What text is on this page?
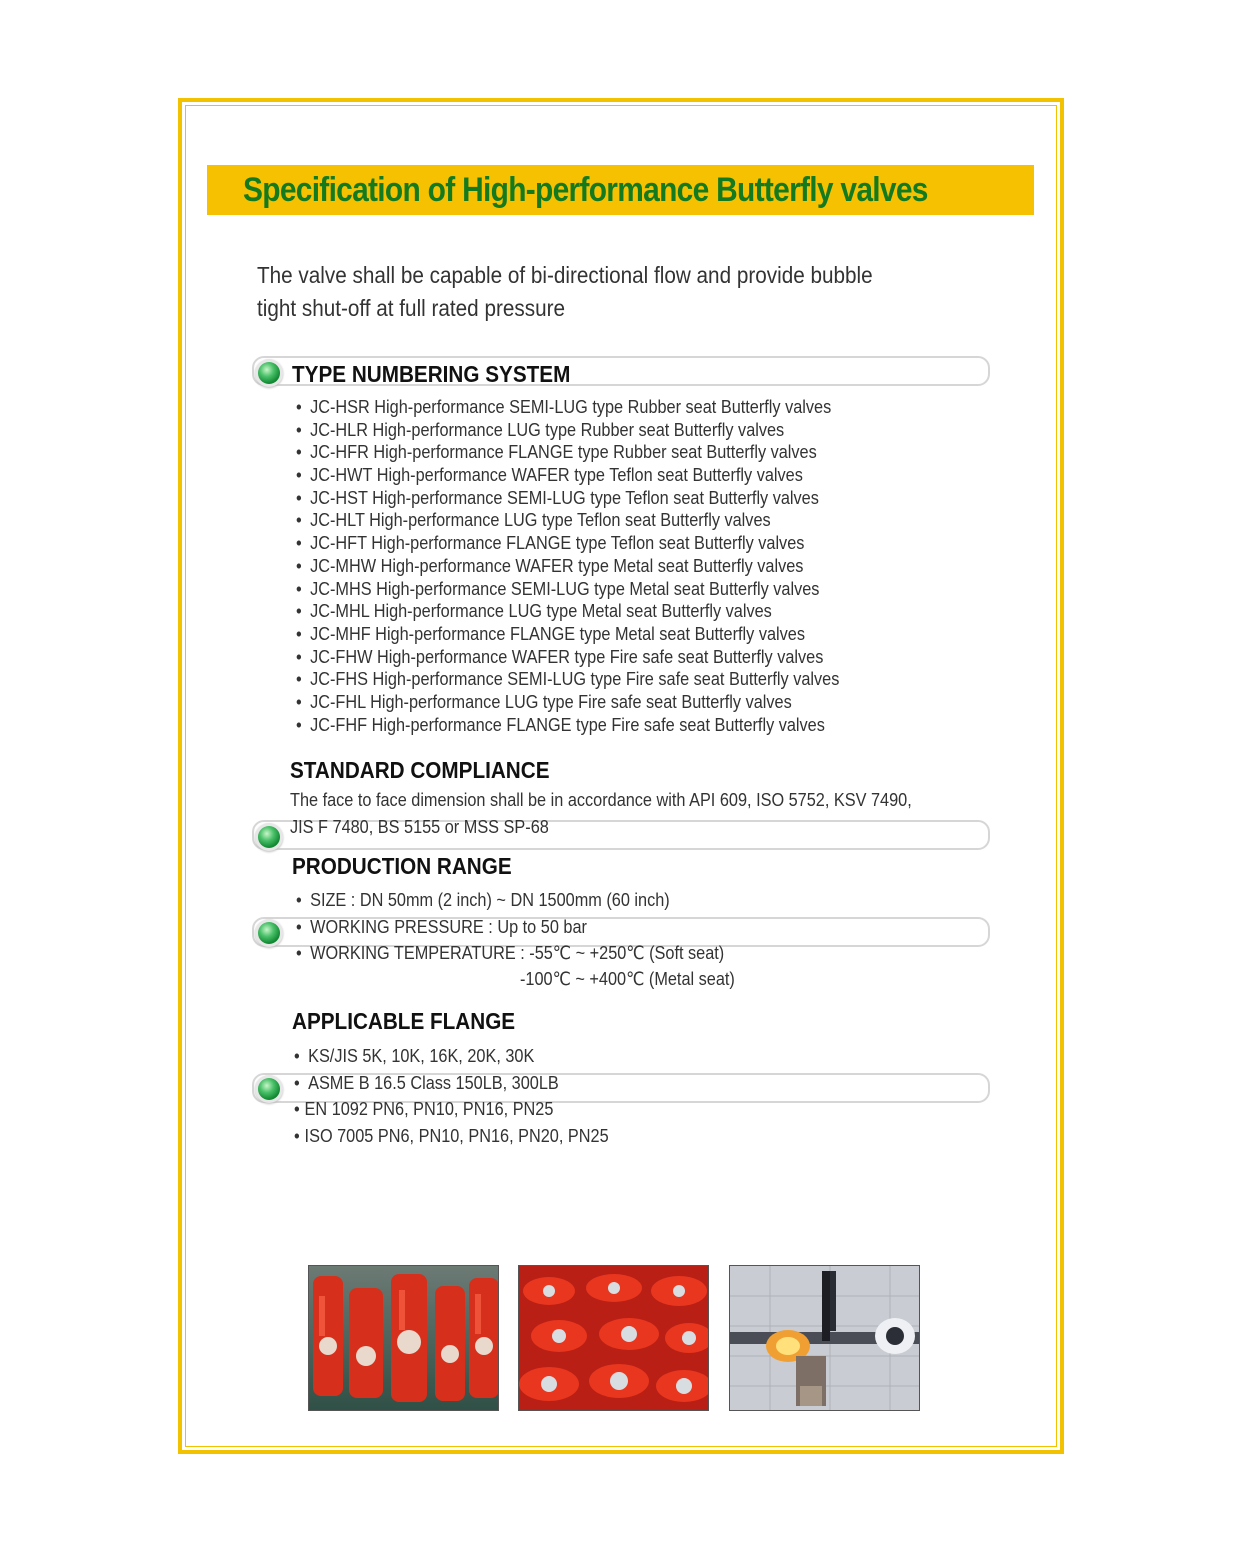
Specification of High-performance Butterfly valves
The valve shall be capable of bi-directional flow and provide bubble tight shut-off at full rated pressure
TYPE NUMBERING SYSTEM
• JC-HSR High-performance SEMI-LUG type Rubber seat Butterfly valves
• JC-HLR High-performance LUG type Rubber seat Butterfly valves
• JC-HFR High-performance FLANGE type Rubber seat Butterfly valves
• JC-HWT High-performance WAFER type Teflon seat Butterfly valves
• JC-HST High-performance SEMI-LUG type Teflon seat Butterfly valves
• JC-HLT High-performance LUG type Teflon seat Butterfly valves
• JC-HFT High-performance FLANGE type Teflon seat Butterfly valves
• JC-MHW High-performance WAFER type Metal seat Butterfly valves
• JC-MHS High-performance SEMI-LUG type Metal seat Butterfly valves
• JC-MHL High-performance LUG type Metal seat Butterfly valves
• JC-MHF High-performance FLANGE type Metal seat Butterfly valves
• JC-FHW High-performance WAFER type Fire safe seat Butterfly valves
• JC-FHS High-performance SEMI-LUG type Fire safe seat Butterfly valves
• JC-FHL High-performance LUG type Fire safe seat Butterfly valves
• JC-FHF High-performance FLANGE type Fire safe seat Butterfly valves
STANDARD COMPLIANCE
The face to face dimension shall be in accordance with API 609, ISO 5752, KSV 7490, JIS F 7480, BS 5155 or MSS SP-68
PRODUCTION RANGE
• SIZE : DN 50mm (2 inch) ~ DN 1500mm (60 inch)
• WORKING PRESSURE : Up to 50 bar
• WORKING TEMPERATURE : -55℃ ~ +250℃ (Soft seat)
-100℃ ~ +400℃ (Metal seat)
APPLICABLE FLANGE
• KS/JIS 5K, 10K, 16K, 20K, 30K
• ASME B 16.5 Class 150LB, 300LB
• EN 1092 PN6, PN10, PN16, PN25
• ISO 7005 PN6, PN10, PN16, PN20, PN25
